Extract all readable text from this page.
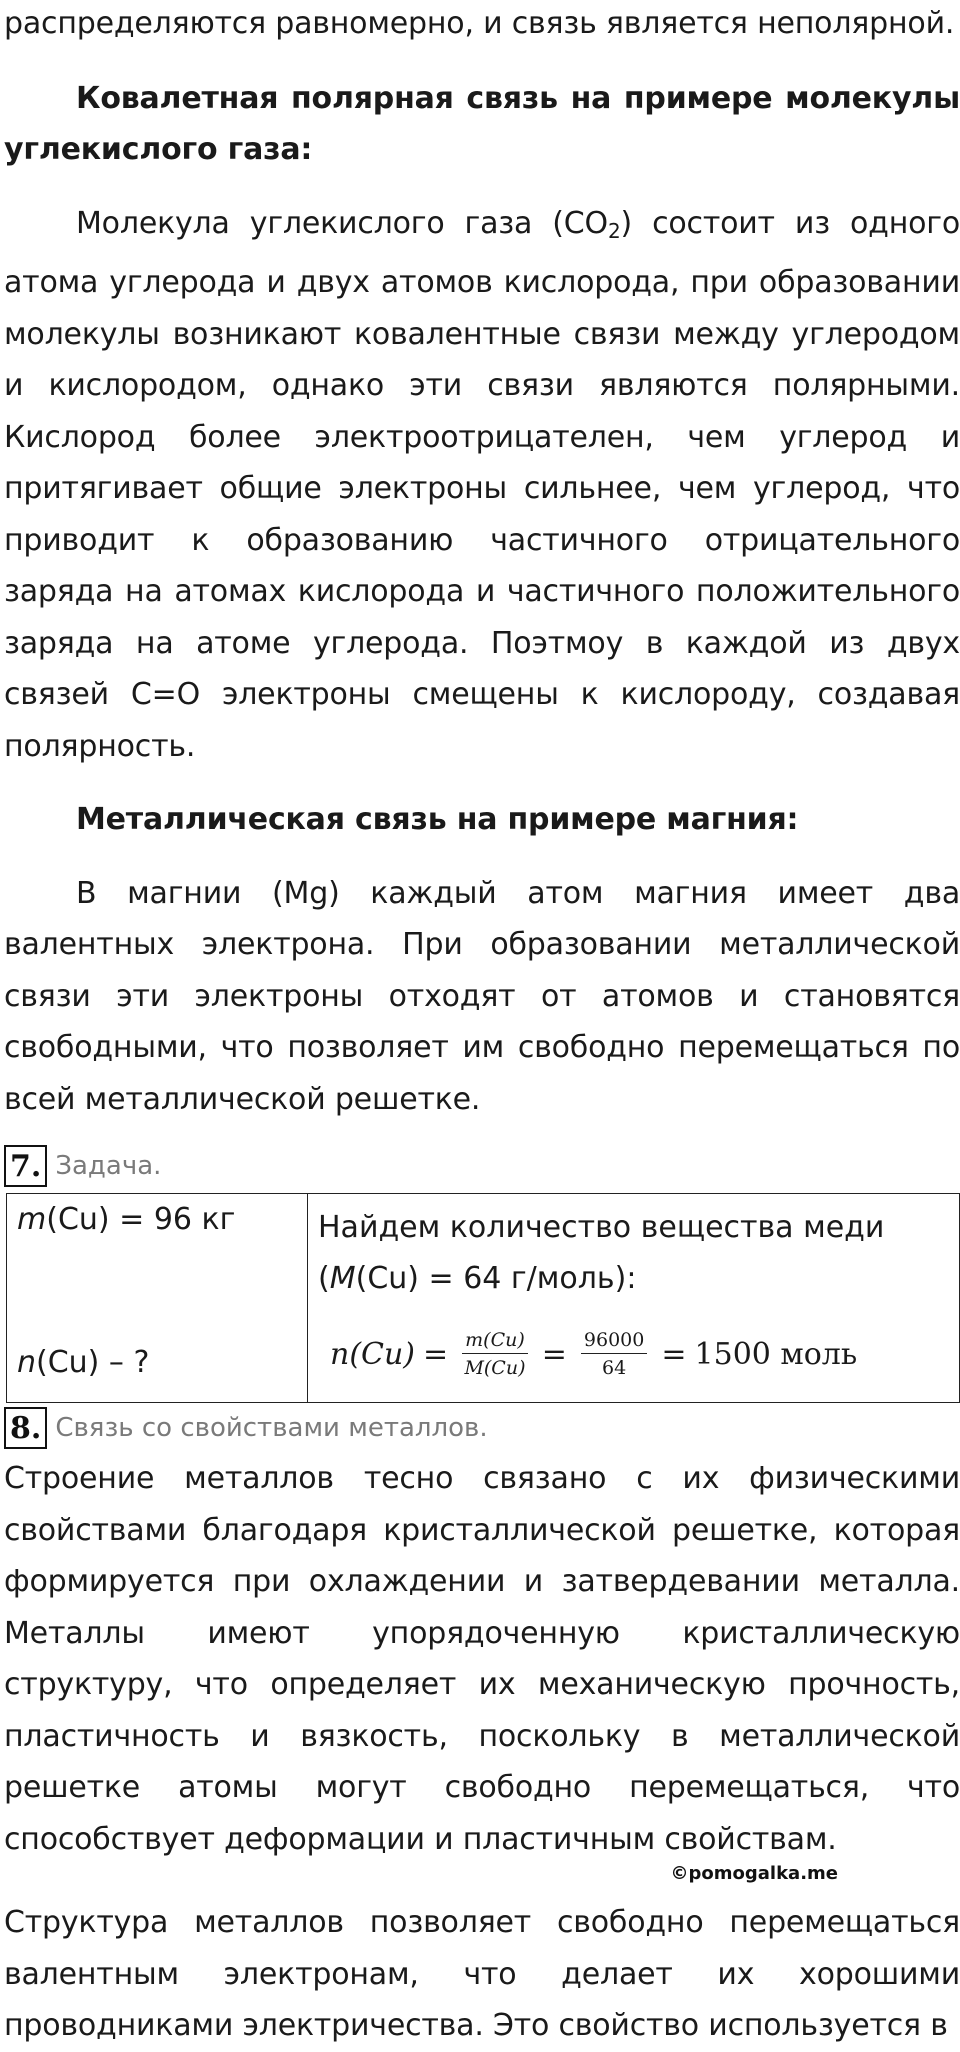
распределяются равномерно, и связь является неполярной.

Ковалетная полярная связь на примере молекулы углекислого газа:

Молекула углекислого газа $(CO_2)$ состоит из одного атома углерода и двух атомов кислорода, при образовании молекулы возникают ковалентные связи между углеродом и кислородом, однако эти связи являются полярными. Кислород более электроотрицателен, чем углерод и притягивает общие электроны сильнее, чем углерод, что приводит к образованию частичного отрицательного заряда на атомах кислорода и частичного положительного заряда на атоме углерода. Поэтмоу в каждой из двух связей C=O электроны смещены к кислороду, создавая полярность.

Металлическая связь на примере магния:

В магнии (Mg) каждый атом магния имеет два валентных электрона. При образовании металлической связи эти электроны отходят от атомов и становятся свободными, что позволяет им свободно перемещаться по всей металлической решетке.

7. Задача.
m(Cu) = 96 кг
n(Cu) – ?

Найдем количество вещества меди
(M(Cu) = 64 г/моль):
$n(Cu) = \frac{m(Cu)}{M(Cu)} = \frac{96000}{64} = 1500$ моль
8. Связь со свойствами металлов.

Строение металлов тесно связано с их физическими свойствами благодаря кристаллической решетке, которая формируется при охлаждении и затвердевании металла. Металлы имеют упорядоченную кристаллическую структуру, что определяет их механическую прочность, пластичность и вязкость, поскольку в металлической решетке атомы могут свободно перемещаться, что способствует деформации и пластичным свойствам.

©pomogalka.me

Структура металлов позволяет свободно перемещаться валентным электронам, что делает их хорошими проводниками электричества. Это свойство используется в
